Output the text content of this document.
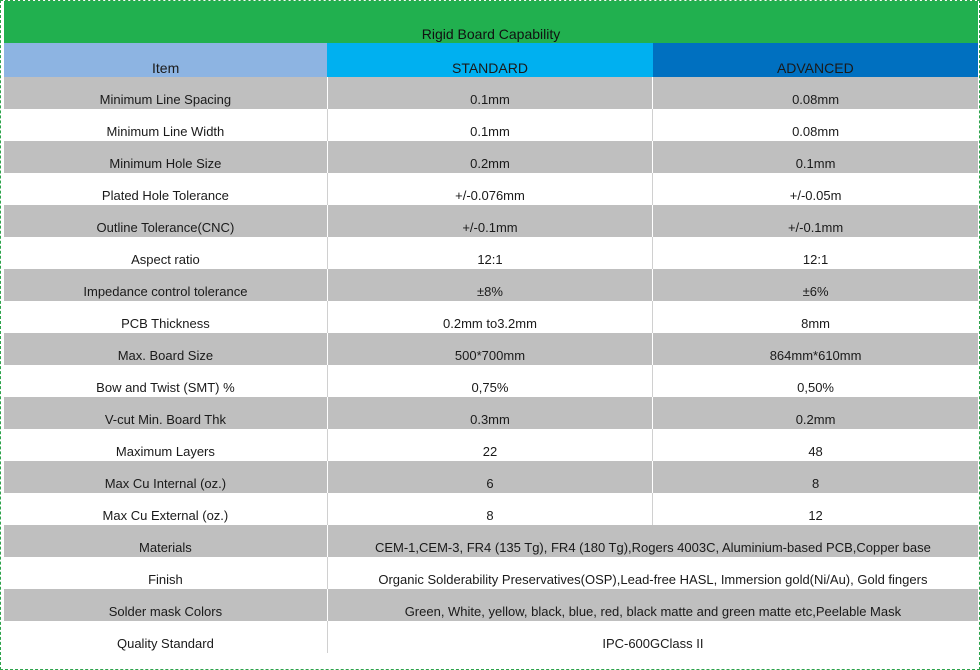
Rigid Board Capability		
Item	STANDARD	ADVANCED
Minimum Line Spacing	0.1mm	0.08mm
Minimum Line Width	0.1mm	0.08mm
Minimum Hole Size	0.2mm	0.1mm
Plated Hole Tolerance	+/-0.076mm	+/-0.05m
Outline Tolerance(CNC)	+/-0.1mm	+/-0.1mm
Aspect ratio	12:1	12:1
Impedance control tolerance	±8%	±6%
PCB Thickness	0.2mm to3.2mm	8mm
Max. Board Size	500*700mm	864mm*610mm
Bow and Twist (SMT) %	0,75%	0,50%
V-cut Min. Board Thk	0.3mm	0.2mm
Maximum Layers	22	48
Max Cu Internal (oz.)	6	8
Max Cu External (oz.)	8	12
Materials	CEM-1,CEM-3, FR4 (135 Tg), FR4 (180 Tg),Rogers 4003C, Aluminium-based PCB,Copper base	
Finish	Organic Solderability Preservatives(OSP),Lead-free HASL, Immersion gold(Ni/Au), Gold fingers	
Solder mask Colors	Green, White, yellow, black, blue, red, black matte and green matte etc,Peelable Mask	
Quality Standard	IPC-600GClass II	
